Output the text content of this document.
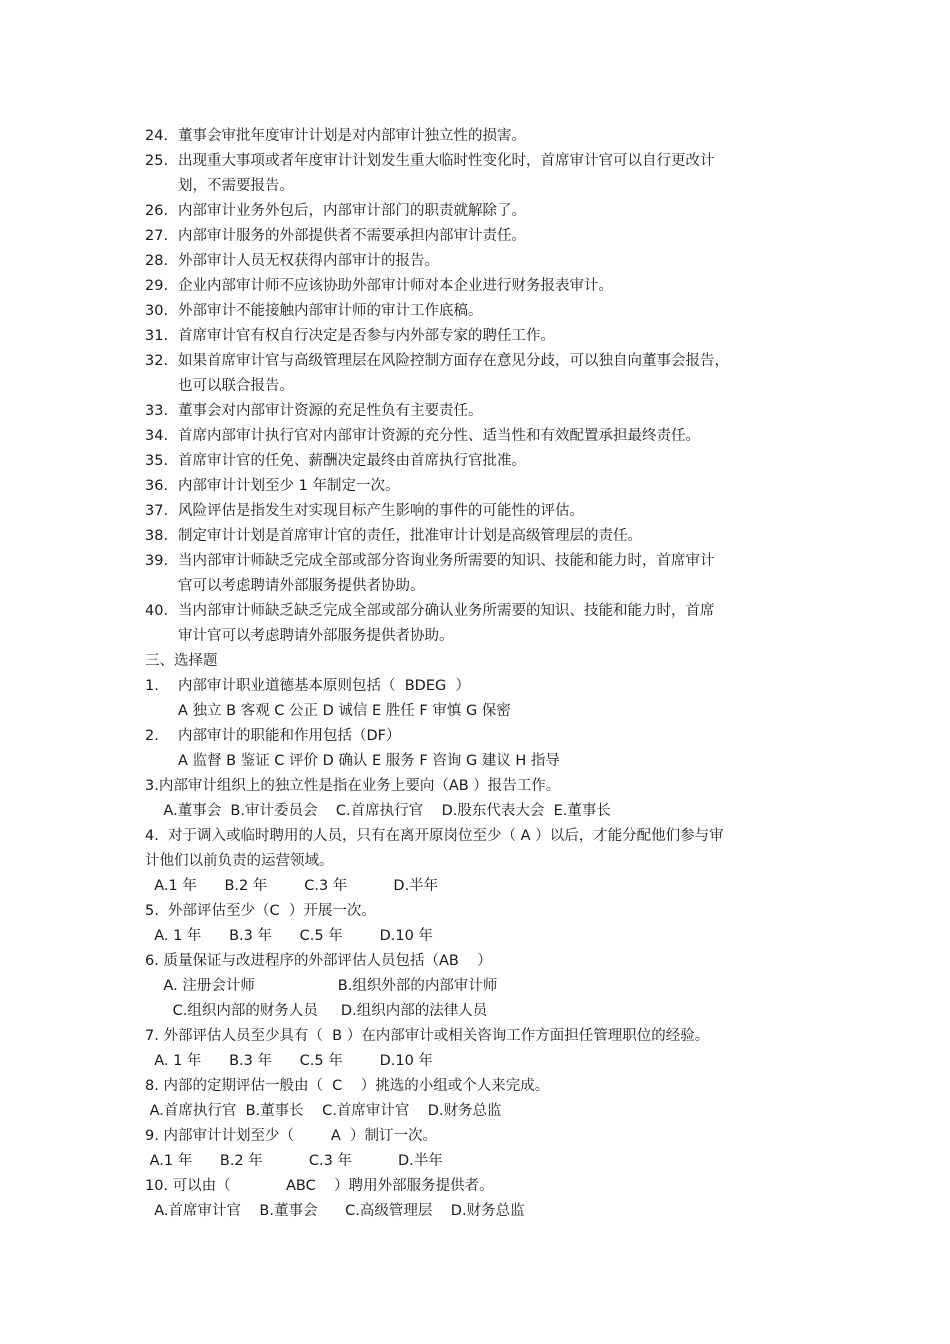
24. 董事会审批年度审计计划是对内部审计独立性的损害。
25. 出现重大事项或者年度审计计划发生重大临时性变化时，首席审计官可以自行更改计
划，不需要报告。
26. 内部审计业务外包后，内部审计部门的职责就解除了。
27. 内部审计服务的外部提供者不需要承担内部审计责任。
28. 外部审计人员无权获得内部审计的报告。
29. 企业内部审计师不应该协助外部审计师对本企业进行财务报表审计。
30. 外部审计不能接触内部审计师的审计工作底稿。
31. 首席审计官有权自行决定是否参与内外部专家的聘任工作。
32. 如果首席审计官与高级管理层在风险控制方面存在意见分歧，可以独自向董事会报告，
也可以联合报告。
33. 董事会对内部审计资源的充足性负有主要责任。
34. 首席内部审计执行官对内部审计资源的充分性、适当性和有效配置承担最终责任。
35. 首席审计官的任免、薪酬决定最终由首席执行官批准。
36. 内部审计计划至少 1 年制定一次。
37. 风险评估是指发生对实现目标产生影响的事件的可能性的评估。
38. 制定审计计划是首席审计官的责任，批准审计计划是高级管理层的责任。
39. 当内部审计师缺乏完成全部或部分咨询业务所需要的知识、技能和能力时，首席审计
官可以考虑聘请外部服务提供者协助。
40. 当内部审计师缺乏缺乏完成全部或部分确认业务所需要的知识、技能和能力时，首席
审计官可以考虑聘请外部服务提供者协助。
三、选择题
1.	内部审计职业道德基本原则包括（  BDEG  ）
A 独立 B 客观 C 公正 D 诚信 E 胜任 F 审慎 G 保密
2.	内部审计的职能和作用包括（DF）
A 监督 B 鉴证 C 评价 D 确认 E 服务 F 咨询 G 建议 H 指导
3.内部审计组织上的独立性是指在业务上要向（AB ）报告工作。
A.董事会  B.审计委员会    C.首席执行官    D.股东代表大会  E.董事长
4.  对于调入或临时聘用的人员，只有在离开原岗位至少（ A ）以后，才能分配他们参与审
计他们以前负责的运营领域。
A.1 年      B.2 年        C.3 年          D.半年
5.  外部评估至少（C  ）开展一次。
A. 1 年      B.3 年      C.5 年        D.10 年
6. 质量保证与改进程序的外部评估人员包括（AB    ）
A. 注册会计师                  B.组织外部的内部审计师
C.组织内部的财务人员     D.组织内部的法律人员
7. 外部评估人员至少具有（  B ）在内部审计或相关咨询工作方面担任管理职位的经验。
A. 1 年      B.3 年      C.5 年        D.10 年
8. 内部的定期评估一般由（  C    ）挑选的小组或个人来完成。
A.首席执行官  B.董事长    C.首席审计官    D.财务总监
9. 内部审计计划至少（        A  ）制订一次。
A.1 年      B.2 年          C.3 年          D.半年
10. 可以由（            ABC    ）聘用外部服务提供者。
A.首席审计官    B.董事会      C.高级管理层    D.财务总监
